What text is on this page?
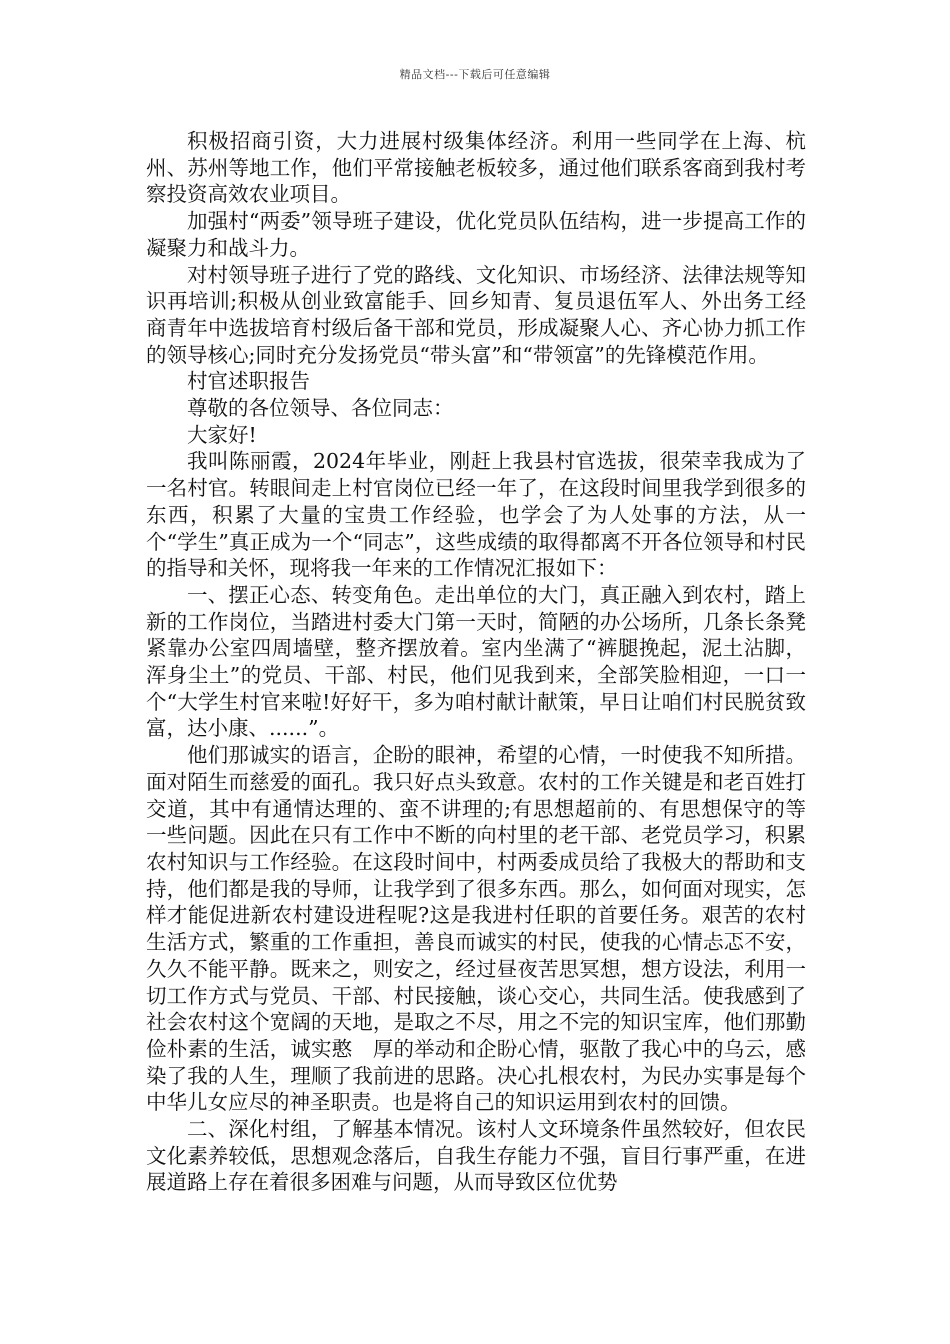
精品文档---下载后可任意编辑

积极招商引资，大力进展村级集体经济。利用一些同学在上海、杭州、苏州等地工作，他们平常接触老板较多，通过他们联系客商到我村考察投资高效农业项目。

加强村“两委”领导班子建设，优化党员队伍结构，进一步提高工作的凝聚力和战斗力。

对村领导班子进行了党的路线、文化知识、市场经济、法律法规等知识再培训;积极从创业致富能手、回乡知青、复员退伍军人、外出务工经商青年中选拔培育村级后备干部和党员，形成凝聚人心、齐心协力抓工作的领导核心;同时充分发扬党员“带头富”和“带领富”的先锋模范作用。

村官述职报告

尊敬的各位领导、各位同志：

大家好!

我叫陈丽霞，2024年毕业，刚赶上我县村官选拔，很荣幸我成为了一名村官。转眼间走上村官岗位已经一年了，在这段时间里我学到很多的东西，积累了大量的宝贵工作经验，也学会了为人处事的方法，从一个“学生”真正成为一个“同志”，这些成绩的取得都离不开各位领导和村民的指导和关怀，现将我一年来的工作情况汇报如下：

一、摆正心态、转变角色。走出单位的大门，真正融入到农村，踏上新的工作岗位，当踏进村委大门第一天时，简陋的办公场所，几条长条凳紧靠办公室四周墙壁，整齐摆放着。室内坐满了“裤腿挽起，泥土沾脚，浑身尘土”的党员、干部、村民，他们见我到来，全部笑脸相迎，一口一个“大学生村官来啦!好好干，多为咱村献计献策，早日让咱们村民脱贫致富，达小康、......”。

他们那诚实的语言，企盼的眼神，希望的心情，一时使我不知所措。面对陌生而慈爱的面孔。我只好点头致意。农村的工作关键是和老百姓打交道，其中有通情达理的、蛮不讲理的;有思想超前的、有思想保守的等一些问题。因此在只有工作中不断的向村里的老干部、老党员学习，积累农村知识与工作经验。在这段时间中，村两委成员给了我极大的帮助和支持，他们都是我的导师，让我学到了很多东西。那么，如何面对现实，怎样才能促进新农村建设进程呢?这是我进村任职的首要任务。艰苦的农村生活方式，繁重的工作重担，善良而诚实的村民，使我的心情忐忑不安，久久不能平静。既来之，则安之，经过昼夜苦思冥想，想方设法，利用一切工作方式与党员、干部、村民接触，谈心交心，共同生活。使我感到了社会农村这个宽阔的天地，是取之不尽，用之不完的知识宝库，他们那勤俭朴素的生活，诚实憨　厚的举动和企盼心情，驱散了我心中的乌云，感染了我的人生，理顺了我前进的思路。决心扎根农村，为民办实事是每个中华儿女应尽的神圣职责。也是将自己的知识运用到农村的回馈。

二、深化村组，了解基本情况。该村人文环境条件虽然较好，但农民文化素养较低，思想观念落后，自我生存能力不强，盲目行事严重，在进展道路上存在着很多困难与问题，从而导致区位优势
